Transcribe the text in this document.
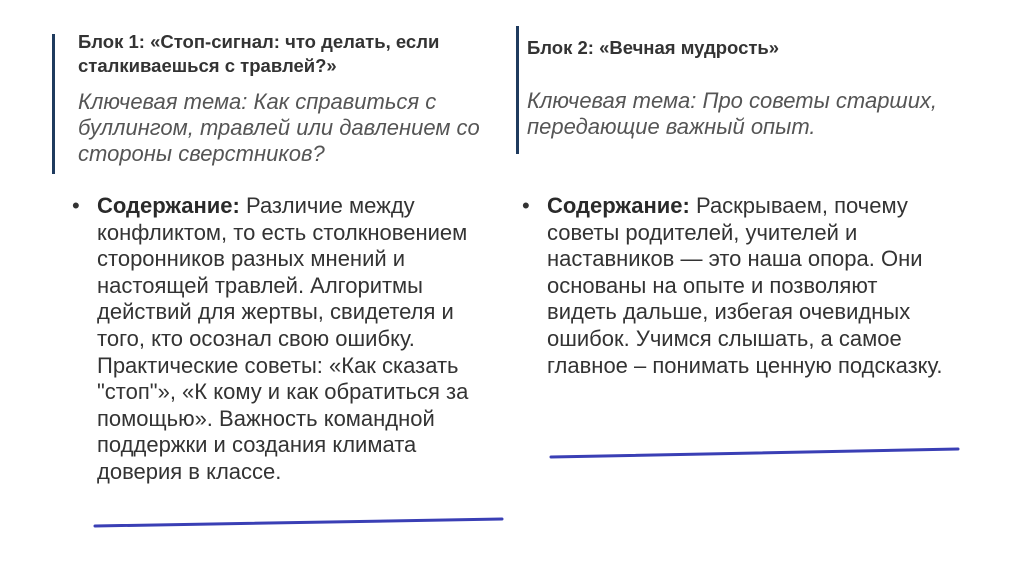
Блок 1: «Стоп-сигнал: что делать, если сталкиваешься с травлей?»

Ключевая тема: Как справиться с буллингом, травлей или давлением со стороны сверстников?

Блок 2: «Вечная мудрость»

Ключевая тема: Про советы старших, передающие важный опыт.

• Содержание: Различие между конфликтом, то есть столкновением сторонников разных мнений и настоящей травлей. Алгоритмы действий для жертвы, свидетеля и того, кто осознал свою ошибку. Практические советы: «Как сказать "стоп"», «К кому и как обратиться за помощью». Важность командной поддержки и создания климата доверия в классе.
• Содержание: Раскрываем, почему советы родителей, учителей и наставников — это наша опора. Они основаны на опыте и позволяют видеть дальше, избегая очевидных ошибок. Учимся слышать, а самое главное – понимать ценную подсказку.
